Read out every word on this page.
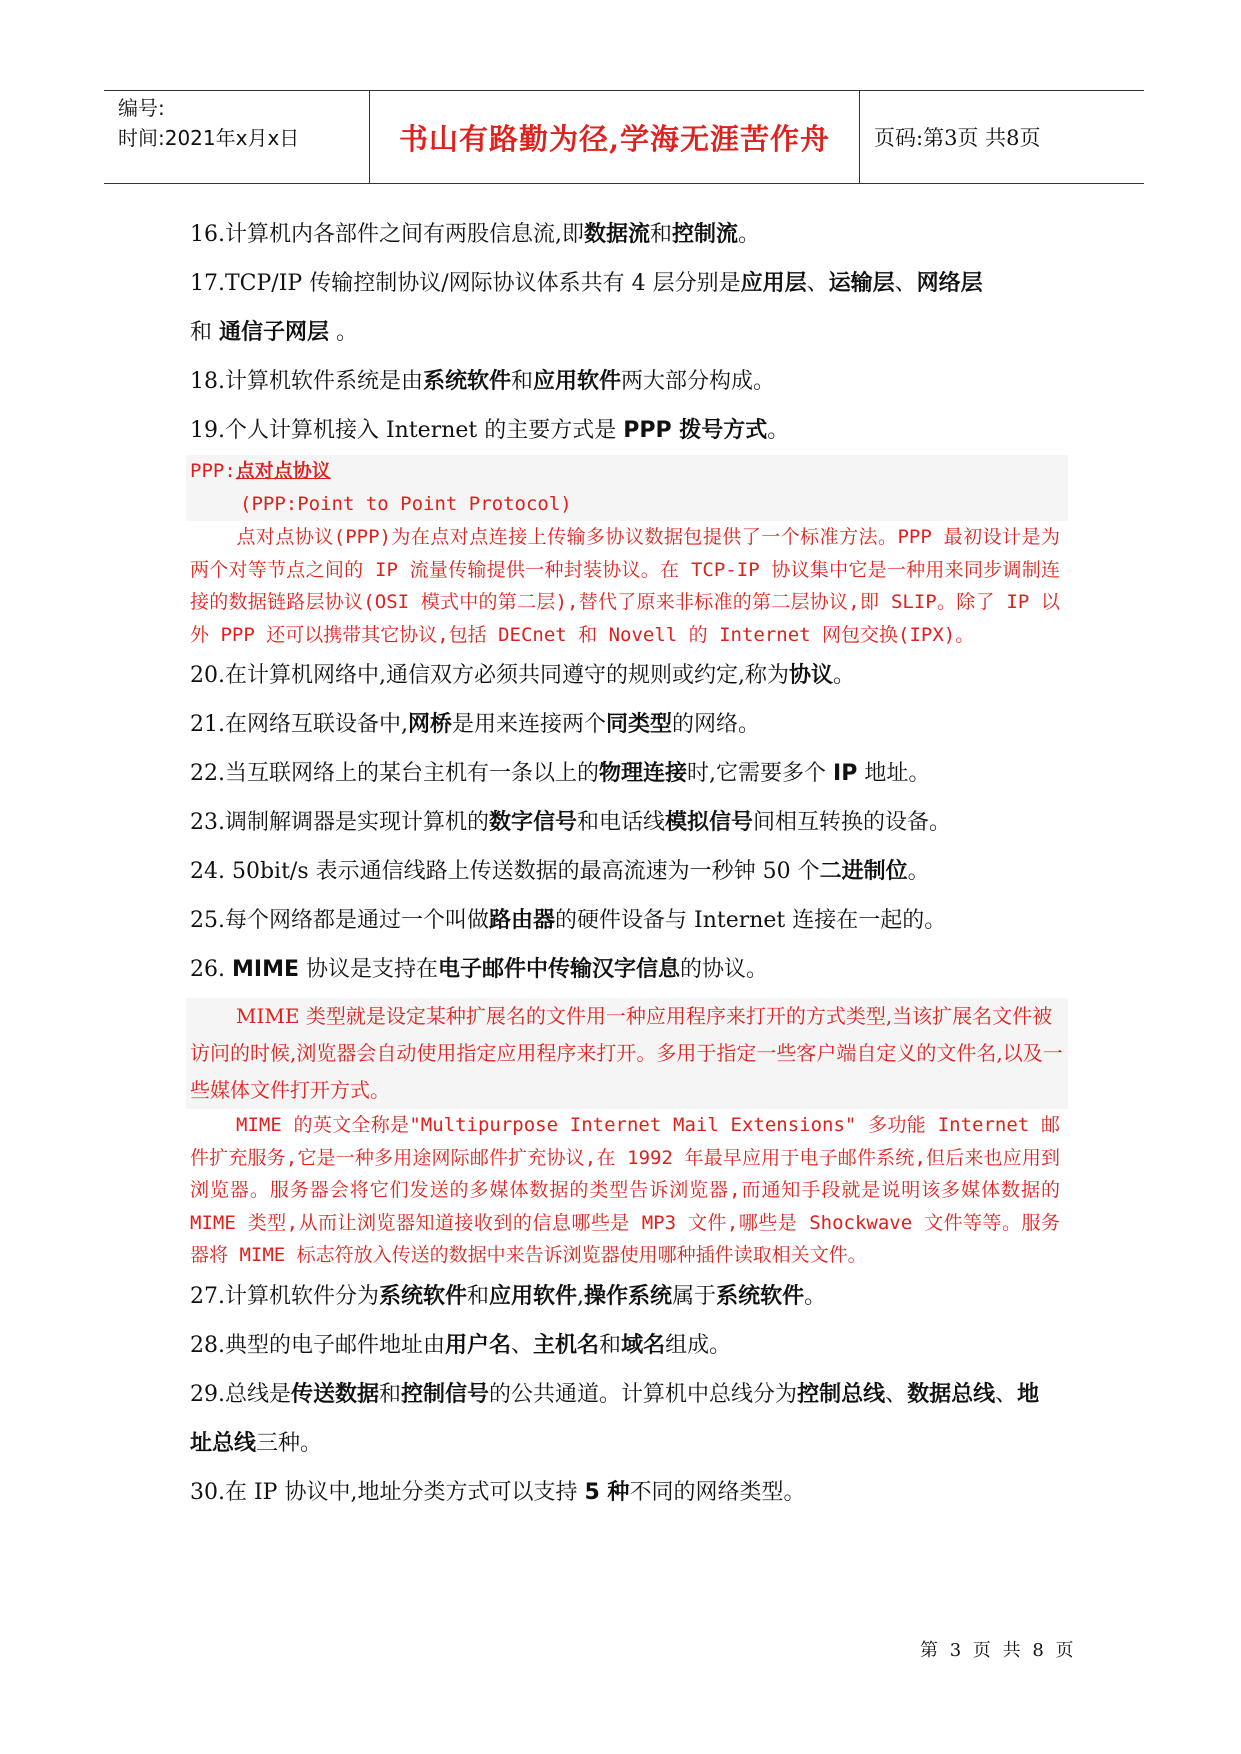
编号:
时间:2021年x月x日	书山有路勤为径,学海无涯苦作舟	页码:第3页 共8页
16.计算机内各部件之间有两股信息流,即数据流和控制流。
17.TCP/IP 传输控制协议/网际协议体系共有 4 层分别是应用层、运输层、网络层
和 通信子网层 。
18.计算机软件系统是由系统软件和应用软件两大部分构成。
19.个人计算机接入 Internet 的主要方式是 PPP 拨号方式。
PPP:点对点协议
(PPP:Point to Point Protocol)
点对点协议(PPP)为在点对点连接上传输多协议数据包提供了一个标准方法。PPP 最初设计是为两个对等节点之间的 IP 流量传输提供一种封装协议。在 TCP-IP 协议集中它是一种用来同步调制连接的数据链路层协议(OSI 模式中的第二层),替代了原来非标准的第二层协议,即 SLIP。除了 IP 以外 PPP 还可以携带其它协议,包括 DECnet 和 Novell 的 Internet 网包交换(IPX)。
20.在计算机网络中,通信双方必须共同遵守的规则或约定,称为协议。
21.在网络互联设备中,网桥是用来连接两个同类型的网络。
22.当互联网络上的某台主机有一条以上的物理连接时,它需要多个 IP 地址。
23.调制解调器是实现计算机的数字信号和电话线模拟信号间相互转换的设备。
24. 50bit/s 表示通信线路上传送数据的最高流速为一秒钟 50 个二进制位。
25.每个网络都是通过一个叫做路由器的硬件设备与 Internet 连接在一起的。
26. MIME 协议是支持在电子邮件中传输汉字信息的协议。
MIME 类型就是设定某种扩展名的文件用一种应用程序来打开的方式类型,当该扩展名文件被访问的时候,浏览器会自动使用指定应用程序来打开。多用于指定一些客户端自定义的文件名,以及一些媒体文件打开方式。
MIME 的英文全称是"Multipurpose Internet Mail Extensions" 多功能 Internet 邮件扩充服务,它是一种多用途网际邮件扩充协议,在 1992 年最早应用于电子邮件系统,但后来也应用到浏览器。服务器会将它们发送的多媒体数据的类型告诉浏览器,而通知手段就是说明该多媒体数据的 MIME 类型,从而让浏览器知道接收到的信息哪些是 MP3 文件,哪些是 Shockwave 文件等等。服务器将 MIME 标志符放入传送的数据中来告诉浏览器使用哪种插件读取相关文件。
27.计算机软件分为系统软件和应用软件,操作系统属于系统软件。
28.典型的电子邮件地址由用户名、主机名和域名组成。
29.总线是传送数据和控制信号的公共通道。计算机中总线分为控制总线、数据总线、地址总线三种。
30.在 IP 协议中,地址分类方式可以支持 5 种不同的网络类型。
第 3 页 共 8 页
